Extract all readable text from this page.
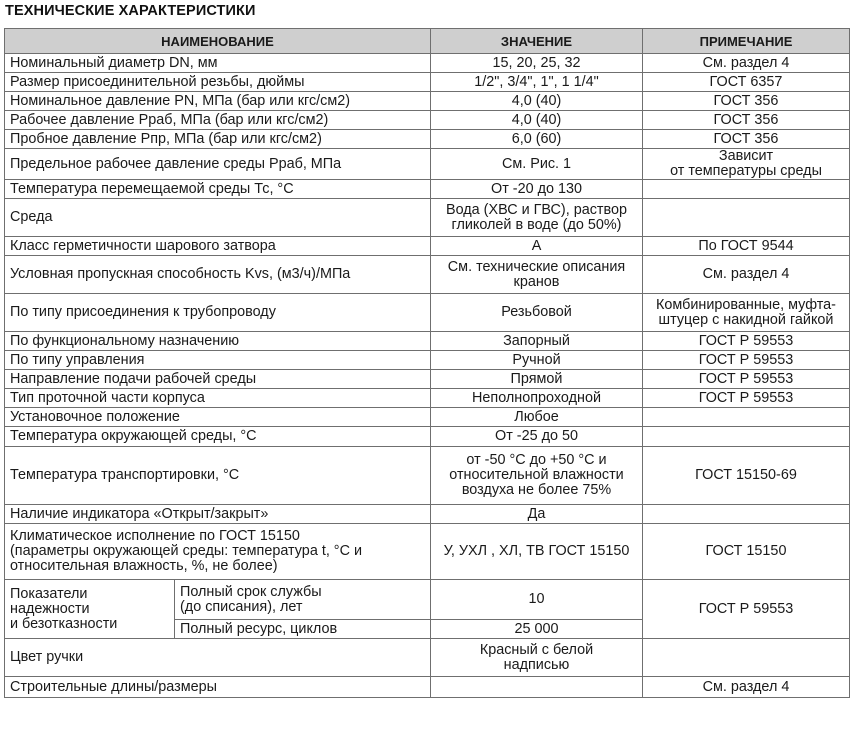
ТЕХНИЧЕСКИЕ ХАРАКТЕРИСТИКИ
НАИМЕНОВАНИЕ		ЗНАЧЕНИЕ	ПРИМЕЧАНИЕ
Номинальный диаметр DN, мм		15, 20, 25, 32	См. раздел 4
Размер присоединительной резьбы, дюймы		1/2", 3/4", 1", 1 1/4"	ГОСТ 6357
Номинальное давление PN, МПа (бар или кгс/см2)		4,0 (40)	ГОСТ 356
Рабочее давление Рраб, МПа (бар или кгс/см2)		4,0 (40)	ГОСТ 356
Пробное давление Рпр, МПа (бар или кгс/см2)		6,0 (60)	ГОСТ 356
Предельное рабочее давление среды Рраб, МПа		См. Рис. 1	Зависит
от температуры среды
Температура перемещаемой среды Тс, °С		От -20 до 130	
Среда		Вода (ХВС и ГВС), раствор
гликолей в воде (до 50%)	
Класс герметичности шарового затвора		А	По ГОСТ 9544
Условная пропускная способность Kvs, (м3/ч)/МПа		См. технические описания
кранов	См. раздел 4
По типу присоединения к трубопроводу		Резьбовой	Комбинированные, муфта-
штуцер с накидной гайкой
По функциональному назначению		Запорный	ГОСТ Р 59553
По типу управления		Ручной	ГОСТ Р 59553
Направление подачи рабочей среды		Прямой	ГОСТ Р 59553
Тип проточной части корпуса		Неполнопроходной	ГОСТ Р 59553
Установочное положение		Любое	
Температура окружающей среды, °С		От -25 до 50	
Температура транспортировки, °С		от -50 °С до +50 °С и
относительной влажности
воздуха не более 75%	ГОСТ 15150-69
Наличие индикатора «Открыт/закрыт»		Да	
Климатическое исполнение по ГОСТ 15150
(параметры окружающей среды: температура t, °С и
относительная влажность, %, не более)		У, УХЛ , ХЛ, ТВ ГОСТ 15150	ГОСТ 15150
Показатели
надежности
и безотказности	Полный срок службы
(до списания), лет	10	ГОСТ Р 59553
	Полный ресурс, циклов	25 000	
Цвет ручки		Красный с белой
надписью	
Строительные длины/размеры			См. раздел 4
